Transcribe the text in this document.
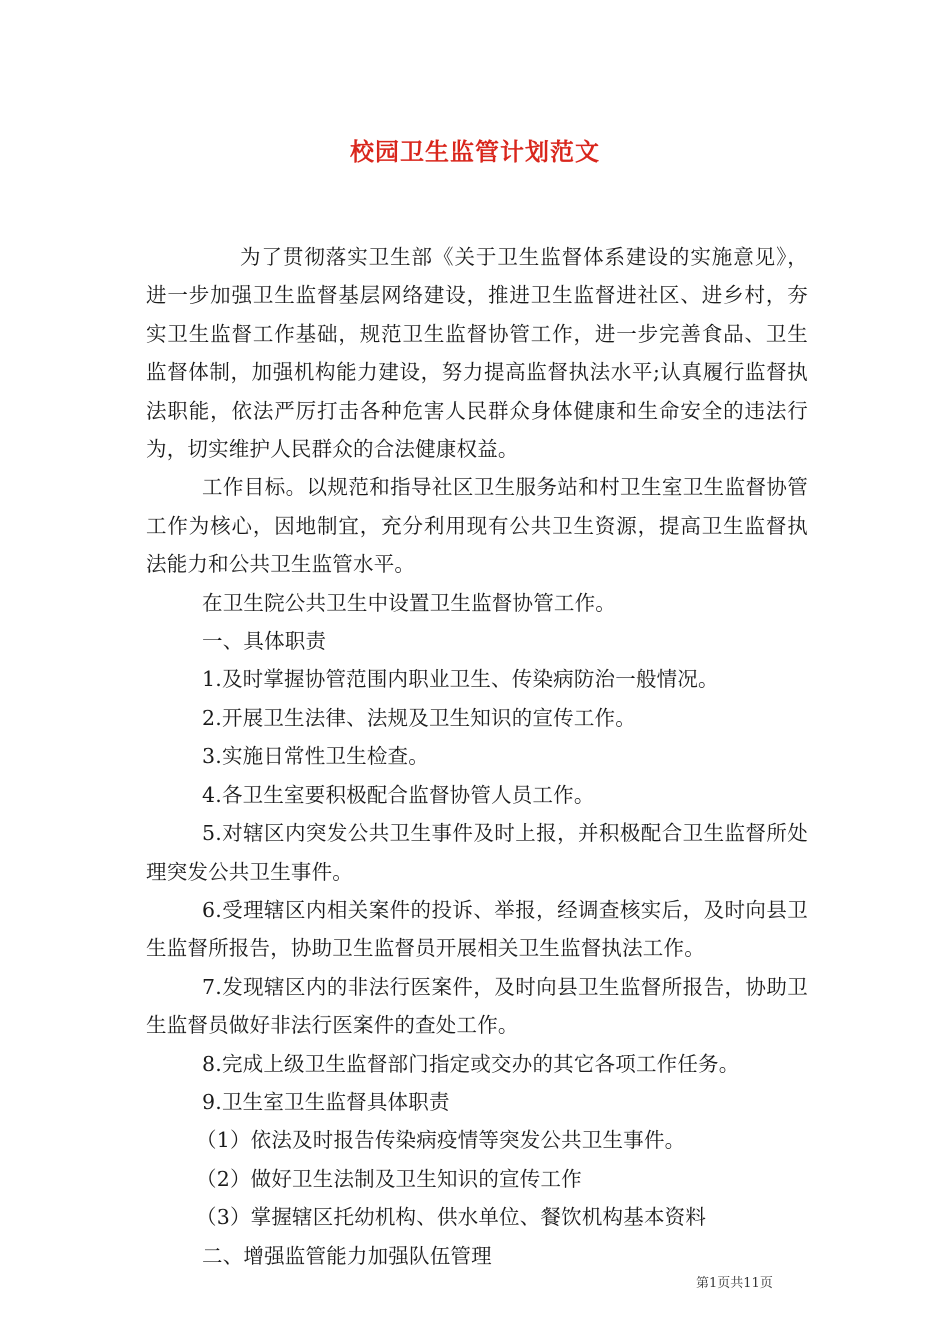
校园卫生监管计划范文

为了贯彻落实卫生部《关于卫生监督体系建设的实施意见》，进一步加强卫生监督基层网络建设，推进卫生监督进社区、进乡村，夯实卫生监督工作基础，规范卫生监督协管工作，进一步完善食品、卫生监督体制，加强机构能力建设，努力提高监督执法水平;认真履行监督执法职能，依法严厉打击各种危害人民群众身体健康和生命安全的违法行为，切实维护人民群众的合法健康权益。

工作目标。以规范和指导社区卫生服务站和村卫生室卫生监督协管工作为核心，因地制宜，充分利用现有公共卫生资源，提高卫生监督执法能力和公共卫生监管水平。

在卫生院公共卫生中设置卫生监督协管工作。

一、具体职责

1.及时掌握协管范围内职业卫生、传染病防治一般情况。

2.开展卫生法律、法规及卫生知识的宣传工作。

3.实施日常性卫生检查。

4.各卫生室要积极配合监督协管人员工作。

5.对辖区内突发公共卫生事件及时上报，并积极配合卫生监督所处理突发公共卫生事件。

6.受理辖区内相关案件的投诉、举报，经调查核实后，及时向县卫生监督所报告，协助卫生监督员开展相关卫生监督执法工作。

7.发现辖区内的非法行医案件，及时向县卫生监督所报告，协助卫生监督员做好非法行医案件的查处工作。

8.完成上级卫生监督部门指定或交办的其它各项工作任务。

9.卫生室卫生监督具体职责

（1）依法及时报告传染病疫情等突发公共卫生事件。

（2）做好卫生法制及卫生知识的宣传工作

（3）掌握辖区托幼机构、供水单位、餐饮机构基本资料

二、增强监管能力加强队伍管理

第1页共11页
